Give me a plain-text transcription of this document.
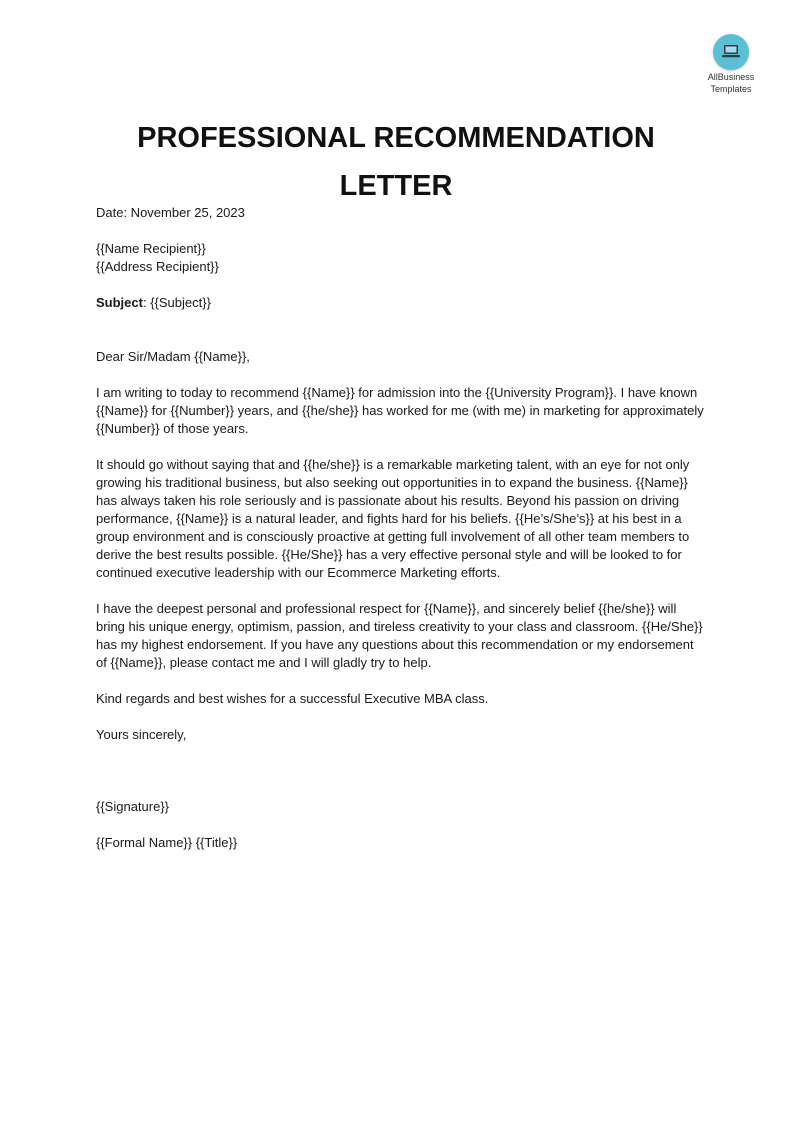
AllBusiness
Templates
PROFESSIONAL RECOMMENDATION LETTER

Date: November 25, 2023

{{Name Recipient}}

{{Address Recipient}}

Subject: {{Subject}}

Dear Sir/Madam {{Name}},

I am writing to today to recommend {{Name}} for admission into the {{University Program}}. I have known {{Name}} for {{Number}} years, and {{he/she}} has worked for me (with me) in marketing for approximately {{Number}} of those years.

It should go without saying that and {{he/she}} is a remarkable marketing talent, with an eye for not only growing his traditional business, but also seeking out opportunities in to expand the business. {{Name}} has always taken his role seriously and is passionate about his results. Beyond his passion on driving performance, {{Name}} is a natural leader, and fights hard for his beliefs. {{He’s/She’s}} at his best in a group environment and is consciously proactive at getting full involvement of all other team members to derive the best results possible. {{He/She}} has a very effective personal style and will be looked to for continued executive leadership with our Ecommerce Marketing efforts.

I have the deepest personal and professional respect for {{Name}}, and sincerely belief {{he/she}} will bring his unique energy, optimism, passion, and tireless creativity to your class and classroom. {{He/She}} has my highest endorsement. If you have any questions about this recommendation or my endorsement of {{Name}}, please contact me and I will gladly try to help.

Kind regards and best wishes for a successful Executive MBA class.

Yours sincerely,

{{Signature}}

{{Formal Name}} {{Title}}
